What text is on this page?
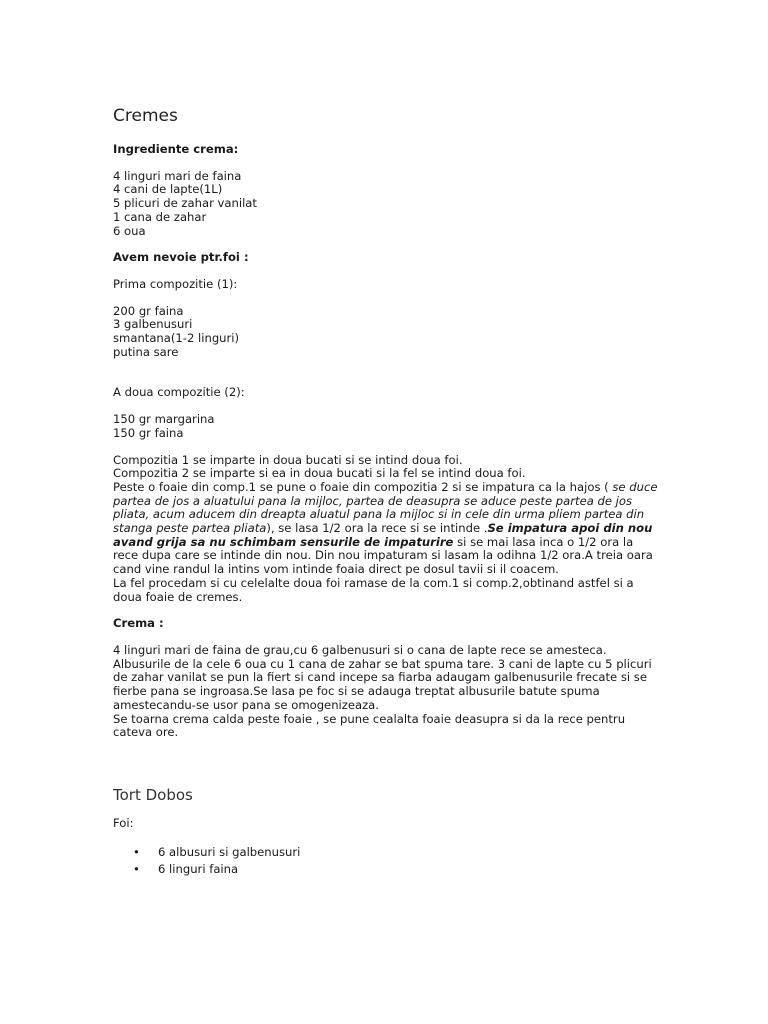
Cremes

Ingrediente crema:

4 linguri mari de faina
4 cani de lapte(1L)
5 plicuri de zahar vanilat
1 cana de zahar
6 oua

Avem nevoie ptr.foi :

Prima compozitie (1):

200 gr faina
3 galbenusuri
smantana(1-2 linguri)
putina sare

A doua compozitie (2):

150 gr margarina
150 gr faina

Compozitia 1 se imparte in doua bucati si se intind doua foi.
Compozitia 2 se imparte si ea in doua bucati si la fel se intind doua foi.
Peste o foaie din comp.1 se pune o foaie din compozitia 2 si se impatura ca la hajos ( se duce partea de jos a aluatului pana la mijloc, partea de deasupra se aduce peste partea de jos pliata, acum aducem din dreapta aluatul pana la mijloc si in cele din urma pliem partea din stanga peste partea pliata), se lasa 1/2 ora la rece si se intinde .Se impatura apoi din nou avand grija sa nu schimbam sensurile de impaturire si se mai lasa inca o 1/2 ora la rece dupa care se intinde din nou. Din nou impaturam si lasam la odihna 1/2 ora.A treia oara cand vine randul la intins vom intinde foaia direct pe dosul tavii si il coacem.
La fel procedam si cu celelalte doua foi ramase de la com.1 si comp.2,obtinand astfel si a doua foaie de cremes.

Crema :

4 linguri mari de faina de grau,cu 6 galbenusuri si o cana de lapte rece se amesteca. Albusurile de la cele 6 oua cu 1 cana de zahar se bat spuma tare. 3 cani de lapte cu 5 plicuri de zahar vanilat se pun la fiert si cand incepe sa fiarba adaugam galbenusurile frecate si se fierbe pana se ingroasa.Se lasa pe foc si se adauga treptat albusurile batute spuma amestecandu-se usor pana se omogenizeaza.
Se toarna crema calda peste foaie , se pune cealalta foaie deasupra si da la rece pentru cateva ore.

Tort Dobos

Foi:

• 6 albusuri si galbenusuri
• 6 linguri faina
